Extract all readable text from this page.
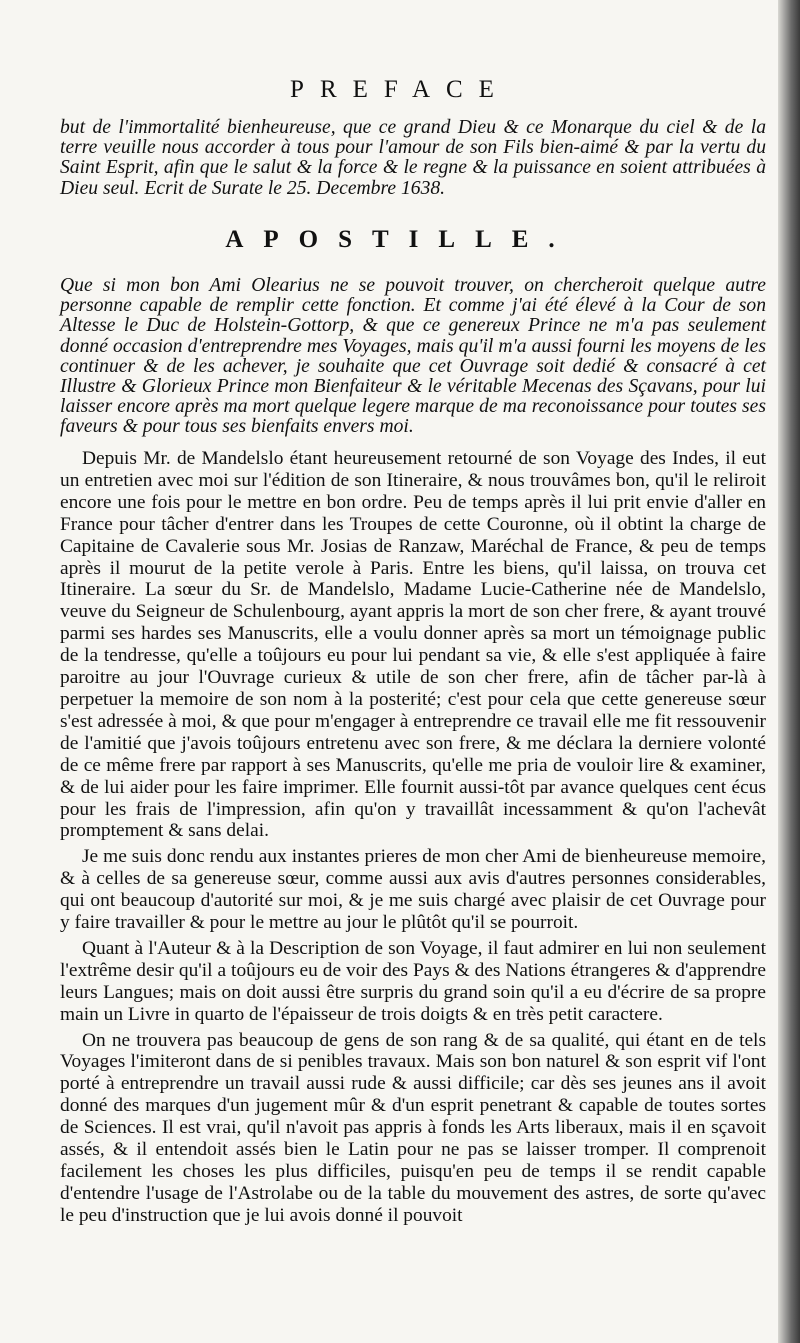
PREFACE

but de l'immortalité bienheureuse, que ce grand Dieu & ce Monarque du ciel & de la terre veuille nous accorder à tous pour l'amour de son Fils bien-aimé & par la vertu du Saint Esprit, afin que le salut & la force & le regne & la puissance en soient attribuées à Dieu seul. Ecrit de Surate le 25. Decembre 1638.

APOSTILLE.

Que si mon bon Ami Olearius ne se pouvoit trouver, on chercheroit quelque autre personne capable de remplir cette fonction. Et comme j'ai été élevé à la Cour de son Altesse le Duc de Holstein-Gottorp, & que ce genereux Prince ne m'a pas seulement donné occasion d'entreprendre mes Voyages, mais qu'il m'a aussi fourni les moyens de les continuer & de les achever, je souhaite que cet Ouvrage soit dedié & consacré à cet Illustre & Glorieux Prince mon Bienfaiteur & le véritable Mecenas des Sçavans, pour lui laisser encore après ma mort quelque legere marque de ma reconoissance pour toutes ses faveurs & pour tous ses bienfaits envers moi.

Depuis Mr. de Mandelslo étant heureusement retourné de son Voyage des Indes, il eut un entretien avec moi sur l'édition de son Itineraire, & nous trouvâmes bon, qu'il le reliroit encore une fois pour le mettre en bon ordre. Peu de temps après il lui prit envie d'aller en France pour tâcher d'entrer dans les Troupes de cette Couronne, où il obtint la charge de Capitaine de Cavalerie sous Mr. Josias de Ranzaw, Maréchal de France, & peu de temps après il mourut de la petite verole à Paris. Entre les biens, qu'il laissa, on trouva cet Itineraire. La sœur du Sr. de Mandelslo, Madame Lucie-Catherine née de Mandelslo, veuve du Seigneur de Schulenbourg, ayant appris la mort de son cher frere, & ayant trouvé parmi ses hardes ses Manuscrits, elle a voulu donner après sa mort un témoignage public de la tendresse, qu'elle a toûjours eu pour lui pendant sa vie, & elle s'est appliquée à faire paroitre au jour l'Ouvrage curieux & utile de son cher frere, afin de tâcher par-là à perpetuer la memoire de son nom à la posterité; c'est pour cela que cette genereuse sœur s'est adressée à moi, & que pour m'engager à entreprendre ce travail elle me fit ressouvenir de l'amitié que j'avois toûjours entretenu avec son frere, & me déclara la derniere volonté de ce même frere par rapport à ses Manuscrits, qu'elle me pria de vouloir lire & examiner, & de lui aider pour les faire imprimer. Elle fournit aussi-tôt par avance quelques cent écus pour les frais de l'impression, afin qu'on y travaillât incessamment & qu'on l'achevât promptement & sans delai.

Je me suis donc rendu aux instantes prieres de mon cher Ami de bienheureuse memoire, & à celles de sa genereuse sœur, comme aussi aux avis d'autres personnes considerables, qui ont beaucoup d'autorité sur moi, & je me suis chargé avec plaisir de cet Ouvrage pour y faire travailler & pour le mettre au jour le plûtôt qu'il se pourroit.

Quant à l'Auteur & à la Description de son Voyage, il faut admirer en lui non seulement l'extrême desir qu'il a toûjours eu de voir des Pays & des Nations étrangeres & d'apprendre leurs Langues; mais on doit aussi être surpris du grand soin qu'il a eu d'écrire de sa propre main un Livre in quarto de l'épaisseur de trois doigts & en très petit caractere.

On ne trouvera pas beaucoup de gens de son rang & de sa qualité, qui étant en de tels Voyages l'imiteront dans de si penibles travaux. Mais son bon naturel & son esprit vif l'ont porté à entreprendre un travail aussi rude & aussi difficile; car dès ses jeunes ans il avoit donné des marques d'un jugement mûr & d'un esprit penetrant & capable de toutes sortes de Sciences. Il est vrai, qu'il n'avoit pas appris à fonds les Arts liberaux, mais il en sçavoit assés, & il entendoit assés bien le Latin pour ne pas se laisser tromper. Il comprenoit facilement les choses les plus difficiles, puisqu'en peu de temps il se rendit capable d'entendre l'usage de l'Astrolabe ou de la table du mouvement des astres, de sorte qu'avec le peu d'instruction que je lui avois donné il pouvoit
